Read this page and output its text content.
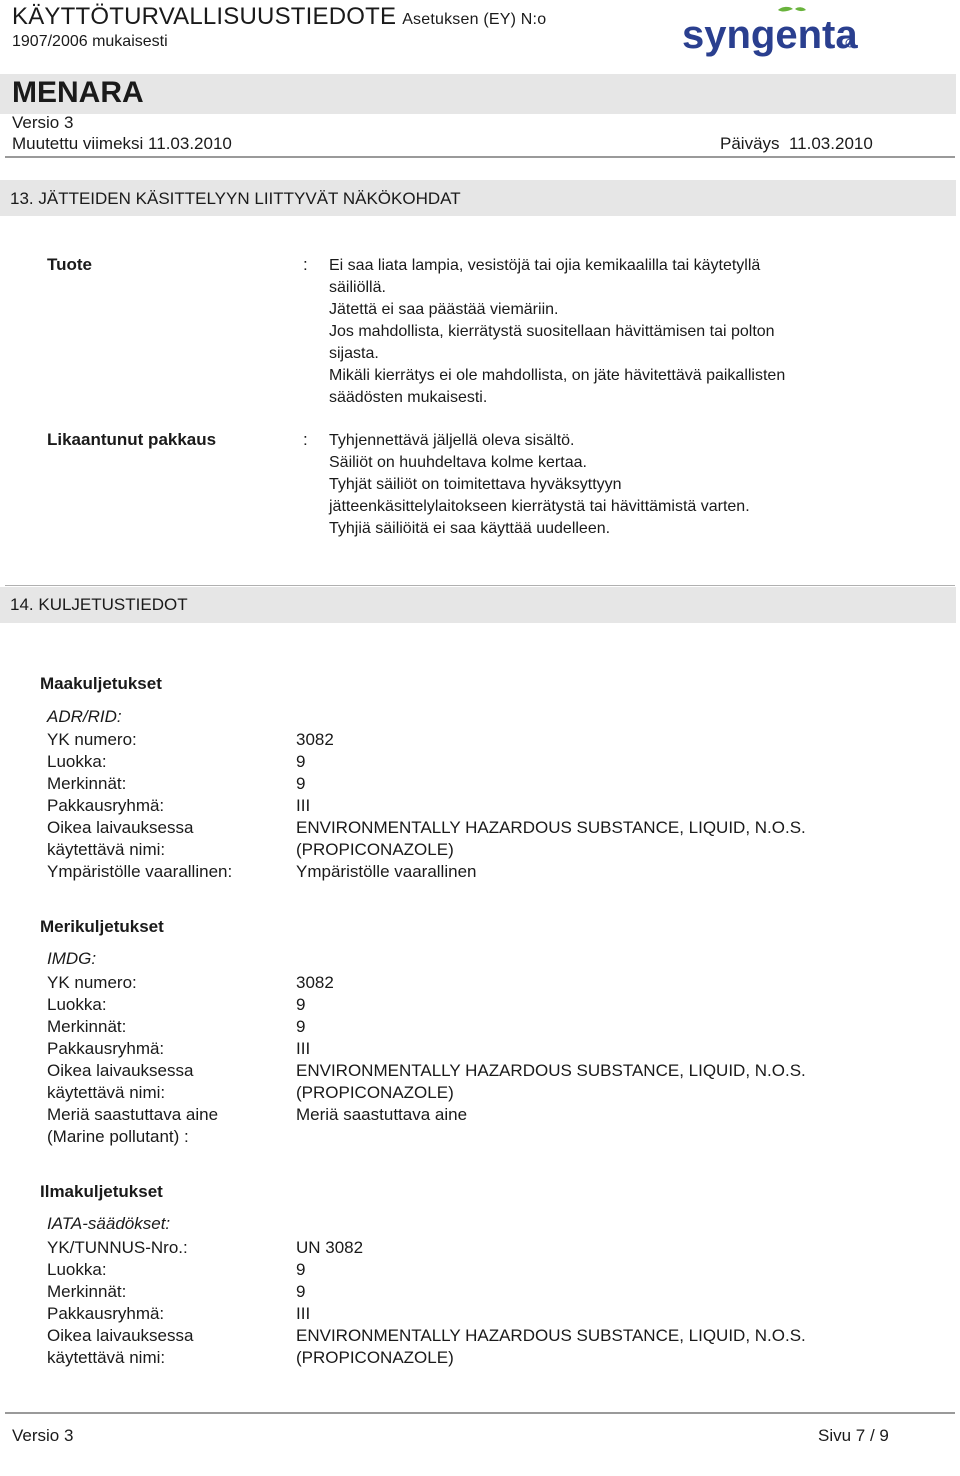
KÄYTTÖTURVALLISUUSTIEDOTE Asetuksen (EY) N:o
1907/2006 mukaisesti	syngenta
MENARA
Versio 3
Muutettu viimeksi 11.03.2010	Päiväys 11.03.2010
13. JÄTTEIDEN KÄSITTELYYN LIITTYVÄT NÄKÖKOHDAT
Tuote	: Ei saa liata lampia, vesistöjä tai ojia kemikaalilla tai käytetyllä
säiliöllä.
Jätettä ei saa päästää viemäriin.
Jos mahdollista, kierrätystä suositellaan hävittämisen tai polton
sijasta.
Mikäli kierrätys ei ole mahdollista, on jäte hävitettävä paikallisten
säädösten mukaisesti.
Likaantunut pakkaus	: Tyhjennettävä jäljellä oleva sisältö.
Säiliöt on huuhdeltava kolme kertaa.
Tyhjät säiliöt on toimitettava hyväksyttyyn
jätteenkäsittelylaitokseen kierrätystä tai hävittämistä varten.
Tyhjiä säiliöitä ei saa käyttää uudelleen.
14. KULJETUSTIEDOT
Maakuljetukset
ADR/RID:
YK numero:	3082
Luokka:	9
Merkinnät:	9
Pakkausryhmä:	III
Oikea laivauksessa	ENVIRONMENTALLY HAZARDOUS SUBSTANCE, LIQUID, N.O.S.
käytettävä nimi:	(PROPICONAZOLE)
Ympäristölle vaarallinen:	Ympäristölle vaarallinen
Merikuljetukset
IMDG:
YK numero:	3082
Luokka:	9
Merkinnät:	9
Pakkausryhmä:	III
Oikea laivauksessa	ENVIRONMENTALLY HAZARDOUS SUBSTANCE, LIQUID, N.O.S.
käytettävä nimi:	(PROPICONAZOLE)
Meriä saastuttava aine	Meriä saastuttava aine
(Marine pollutant) :
Ilmakuljetukset
IATA-säädökset:
YK/TUNNUS-Nro.:	UN 3082
Luokka:	9
Merkinnät:	9
Pakkausryhmä:	III
Oikea laivauksessa	ENVIRONMENTALLY HAZARDOUS SUBSTANCE, LIQUID, N.O.S.
käytettävä nimi:	(PROPICONAZOLE)
Versio 3	Sivu 7 / 9
